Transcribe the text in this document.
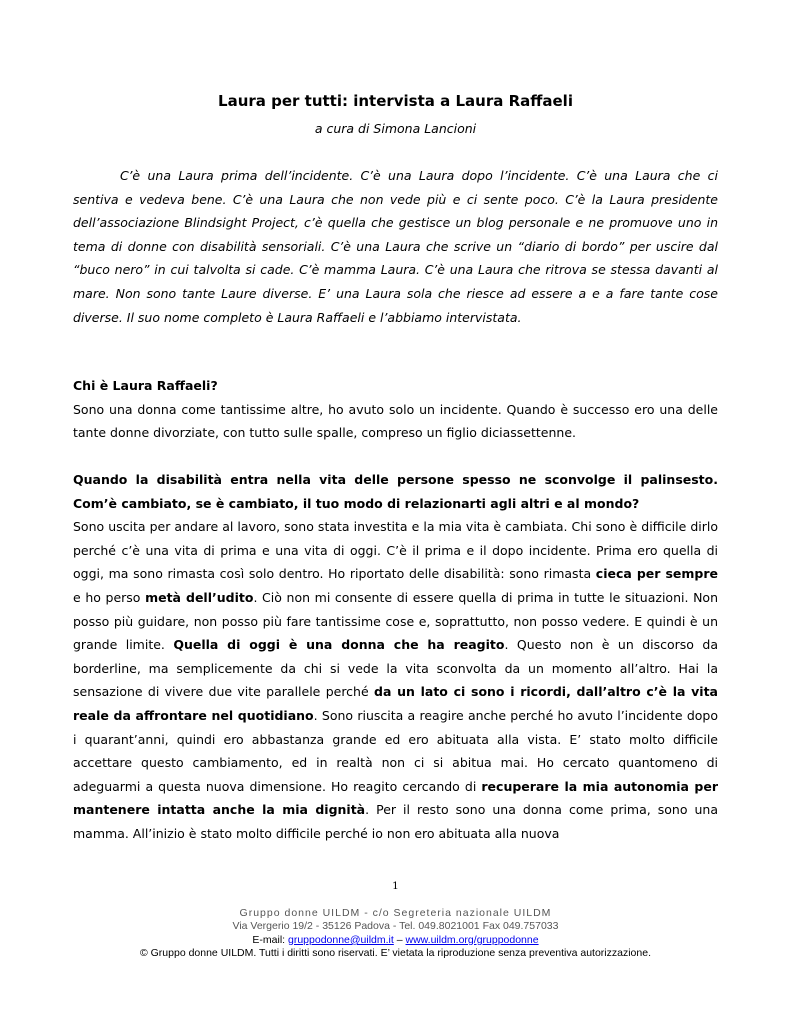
Laura per tutti: intervista a Laura Raffaeli
a cura di Simona Lancioni

C’è una Laura prima dell’incidente. C’è una Laura dopo l’incidente. C’è una Laura che ci sentiva e vedeva bene. C’è una Laura che non vede più e ci sente poco. C’è la Laura presidente dell’associazione Blindsight Project, c’è quella che gestisce un blog personale e ne promuove uno in tema di donne con disabilità sensoriali. C’è una Laura che scrive un “diario di bordo” per uscire dal “buco nero” in cui talvolta si cade. C’è mamma Laura. C’è una Laura che ritrova se stessa davanti al mare. Non sono tante Laure diverse. E’ una Laura sola che riesce ad essere a e a fare tante cose diverse. Il suo nome completo è Laura Raffaeli e l’abbiamo intervistata.

Chi è Laura Raffaeli?
Sono una donna come tantissime altre, ho avuto solo un incidente. Quando è successo ero una delle tante donne divorziate, con tutto sulle spalle, compreso un figlio diciassettenne.

Quando la disabilità entra nella vita delle persone spesso ne sconvolge il palinsesto. Com’è cambiato, se è cambiato, il tuo modo di relazionarti agli altri e al mondo?
Sono uscita per andare al lavoro, sono stata investita e la mia vita è cambiata. Chi sono è difficile dirlo perché c’è una vita di prima e una vita di oggi. C’è il prima e il dopo incidente. Prima ero quella di oggi, ma sono rimasta così solo dentro. Ho riportato delle disabilità: sono rimasta cieca per sempre e ho perso metà dell’udito. Ciò non mi consente di essere quella di prima in tutte le situazioni. Non posso più guidare, non posso più fare tantissime cose e, soprattutto, non posso vedere. E quindi è un grande limite. Quella di oggi è una donna che ha reagito. Questo non è un discorso da borderline, ma semplicemente da chi si vede la vita sconvolta da un momento all’altro. Hai la sensazione di vivere due vite parallele perché da un lato ci sono i ricordi, dall’altro c’è la vita reale da affrontare nel quotidiano. Sono riuscita a reagire anche perché ho avuto l’incidente dopo i quarant’anni, quindi ero abbastanza grande ed ero abituata alla vista. E’ stato molto difficile accettare questo cambiamento, ed in realtà non ci si abitua mai. Ho cercato quantomeno di adeguarmi a questa nuova dimensione. Ho reagito cercando di recuperare la mia autonomia per mantenere intatta anche la mia dignità. Per il resto sono una donna come prima, sono una mamma. All’inizio è stato molto difficile perché io non ero abituata alla nuova

1
Gruppo donne UILDM - c/o Segreteria nazionale UILDM
Via Vergerio 19/2 - 35126 Padova - Tel. 049.8021001 Fax 049.757033
E-mail: gruppodonne@uildm.it – www.uildm.org/gruppodonne
© Gruppo donne UILDM. Tutti i diritti sono riservati. E’ vietata la riproduzione senza preventiva autorizzazione.
